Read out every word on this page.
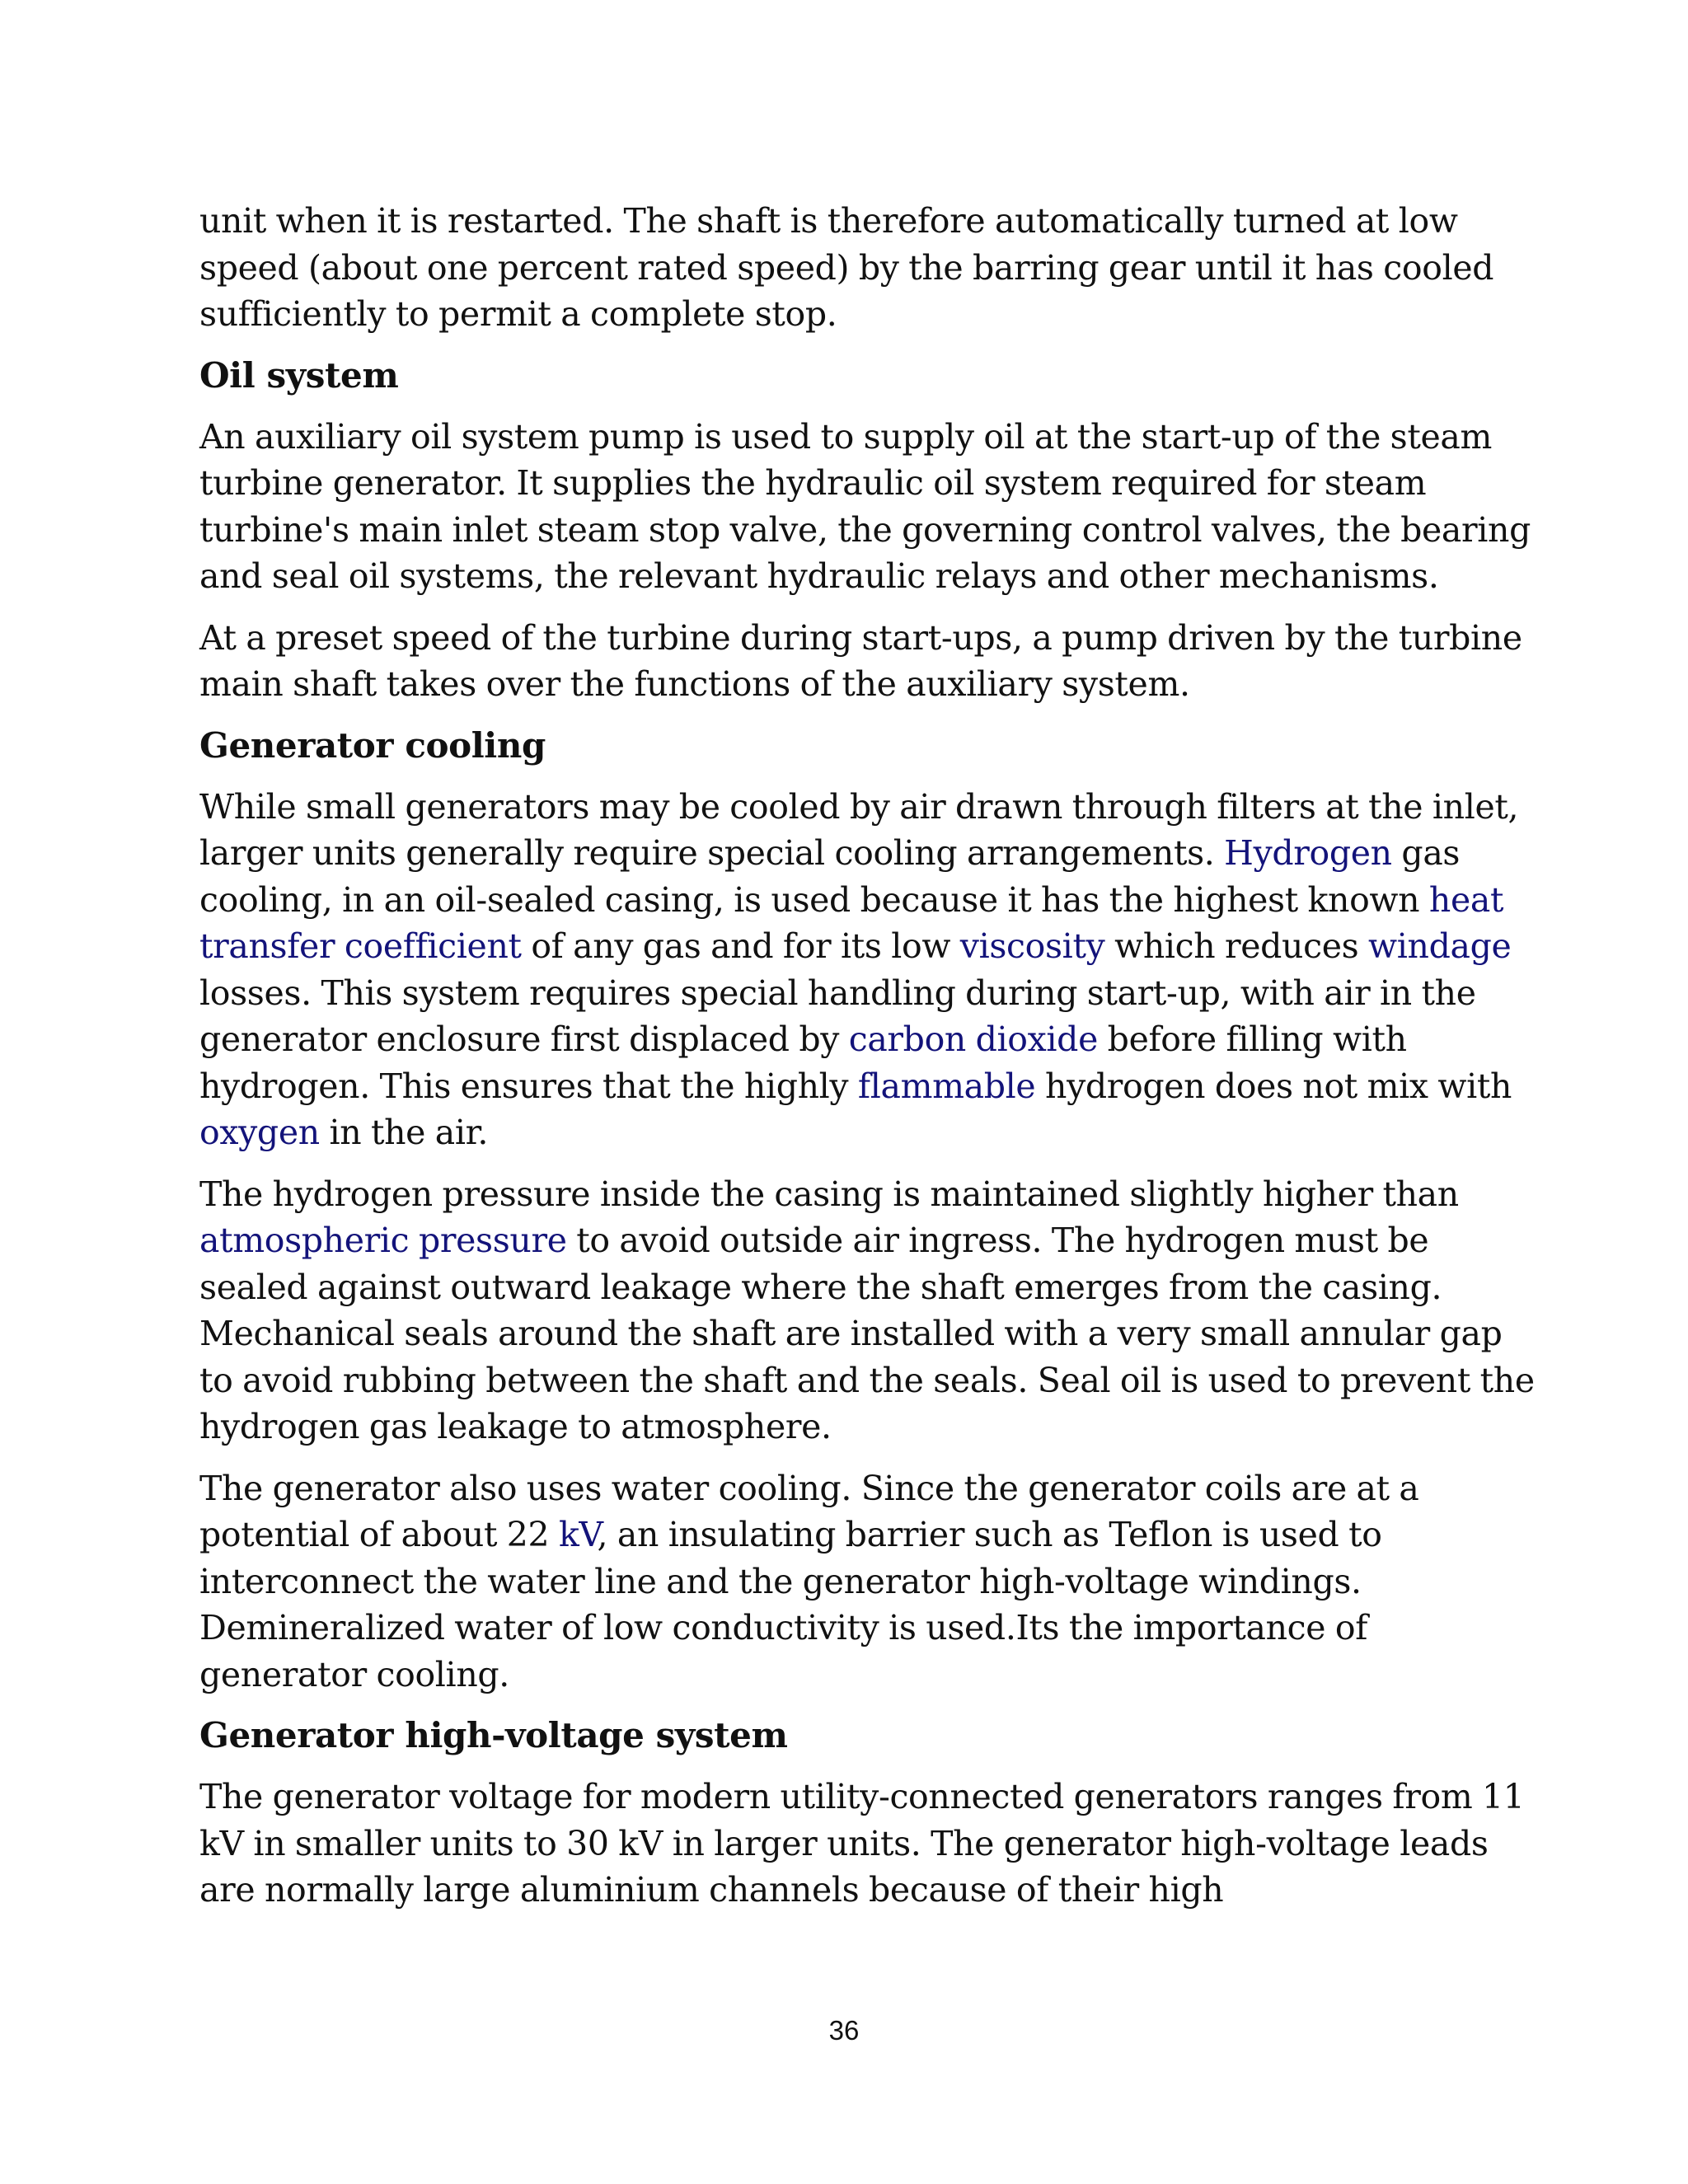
unit when it is restarted. The shaft is therefore automatically turned at low speed (about one percent rated speed) by the barring gear until it has cooled sufficiently to permit a complete stop.

Oil system

An auxiliary oil system pump is used to supply oil at the start-up of the steam turbine generator. It supplies the hydraulic oil system required for steam turbine's main inlet steam stop valve, the governing control valves, the bearing and seal oil systems, the relevant hydraulic relays and other mechanisms.

At a preset speed of the turbine during start-ups, a pump driven by the turbine main shaft takes over the functions of the auxiliary system.

Generator cooling

While small generators may be cooled by air drawn through filters at the inlet, larger units generally require special cooling arrangements. Hydrogen gas cooling, in an oil-sealed casing, is used because it has the highest known heat transfer coefficient of any gas and for its low viscosity which reduces windage losses. This system requires special handling during start-up, with air in the generator enclosure first displaced by carbon dioxide before filling with hydrogen. This ensures that the highly flammable hydrogen does not mix with oxygen in the air.

The hydrogen pressure inside the casing is maintained slightly higher than atmospheric pressure to avoid outside air ingress. The hydrogen must be sealed against outward leakage where the shaft emerges from the casing. Mechanical seals around the shaft are installed with a very small annular gap to avoid rubbing between the shaft and the seals. Seal oil is used to prevent the hydrogen gas leakage to atmosphere.

The generator also uses water cooling. Since the generator coils are at a potential of about 22 kV, an insulating barrier such as Teflon is used to interconnect the water line and the generator high-voltage windings. Demineralized water of low conductivity is used.Its the importance of generator cooling.

Generator high-voltage system

The generator voltage for modern utility-connected generators ranges from 11 kV in smaller units to 30 kV in larger units. The generator high-voltage leads are normally large aluminium channels because of their high

36
